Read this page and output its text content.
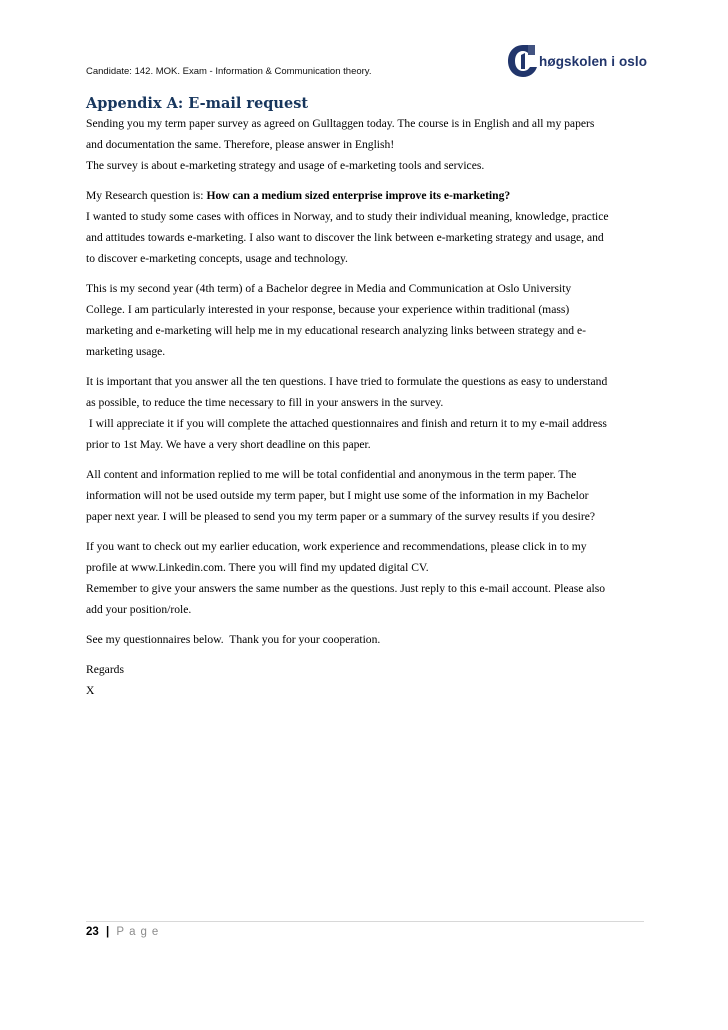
Candidate: 142. MOK. Exam - Information & Communication theory.
høgskolen i oslo
Appendix A: E-mail request

Sending you my term paper survey as agreed on Gulltaggen today. The course is in English and all my papers
and documentation the same. Therefore, please answer in English!
The survey is about e-marketing strategy and usage of e-marketing tools and services.

My Research question is: How can a medium sized enterprise improve its e-marketing?
I wanted to study some cases with offices in Norway, and to study their individual meaning, knowledge, practice
and attitudes towards e-marketing. I also want to discover the link between e-marketing strategy and usage, and
to discover e-marketing concepts, usage and technology.

This is my second year (4th term) of a Bachelor degree in Media and Communication at Oslo University
College. I am particularly interested in your response, because your experience within traditional (mass)
marketing and e-marketing will help me in my educational research analyzing links between strategy and e-
marketing usage.

It is important that you answer all the ten questions. I have tried to formulate the questions as easy to understand
as possible, to reduce the time necessary to fill in your answers in the survey.
I will appreciate it if you will complete the attached questionnaires and finish and return it to my e-mail address
prior to 1st May. We have a very short deadline on this paper.

All content and information replied to me will be total confidential and anonymous in the term paper. The
information will not be used outside my term paper, but I might use some of the information in my Bachelor
paper next year. I will be pleased to send you my term paper or a summary of the survey results if you desire?

If you want to check out my earlier education, work experience and recommendations, please click in to my
profile at www.Linkedin.com. There you will find my updated digital CV.
Remember to give your answers the same number as the questions. Just reply to this e-mail account. Please also
add your position/role.

See my questionnaires below.  Thank you for your cooperation.

Regards
X

23 | Page
